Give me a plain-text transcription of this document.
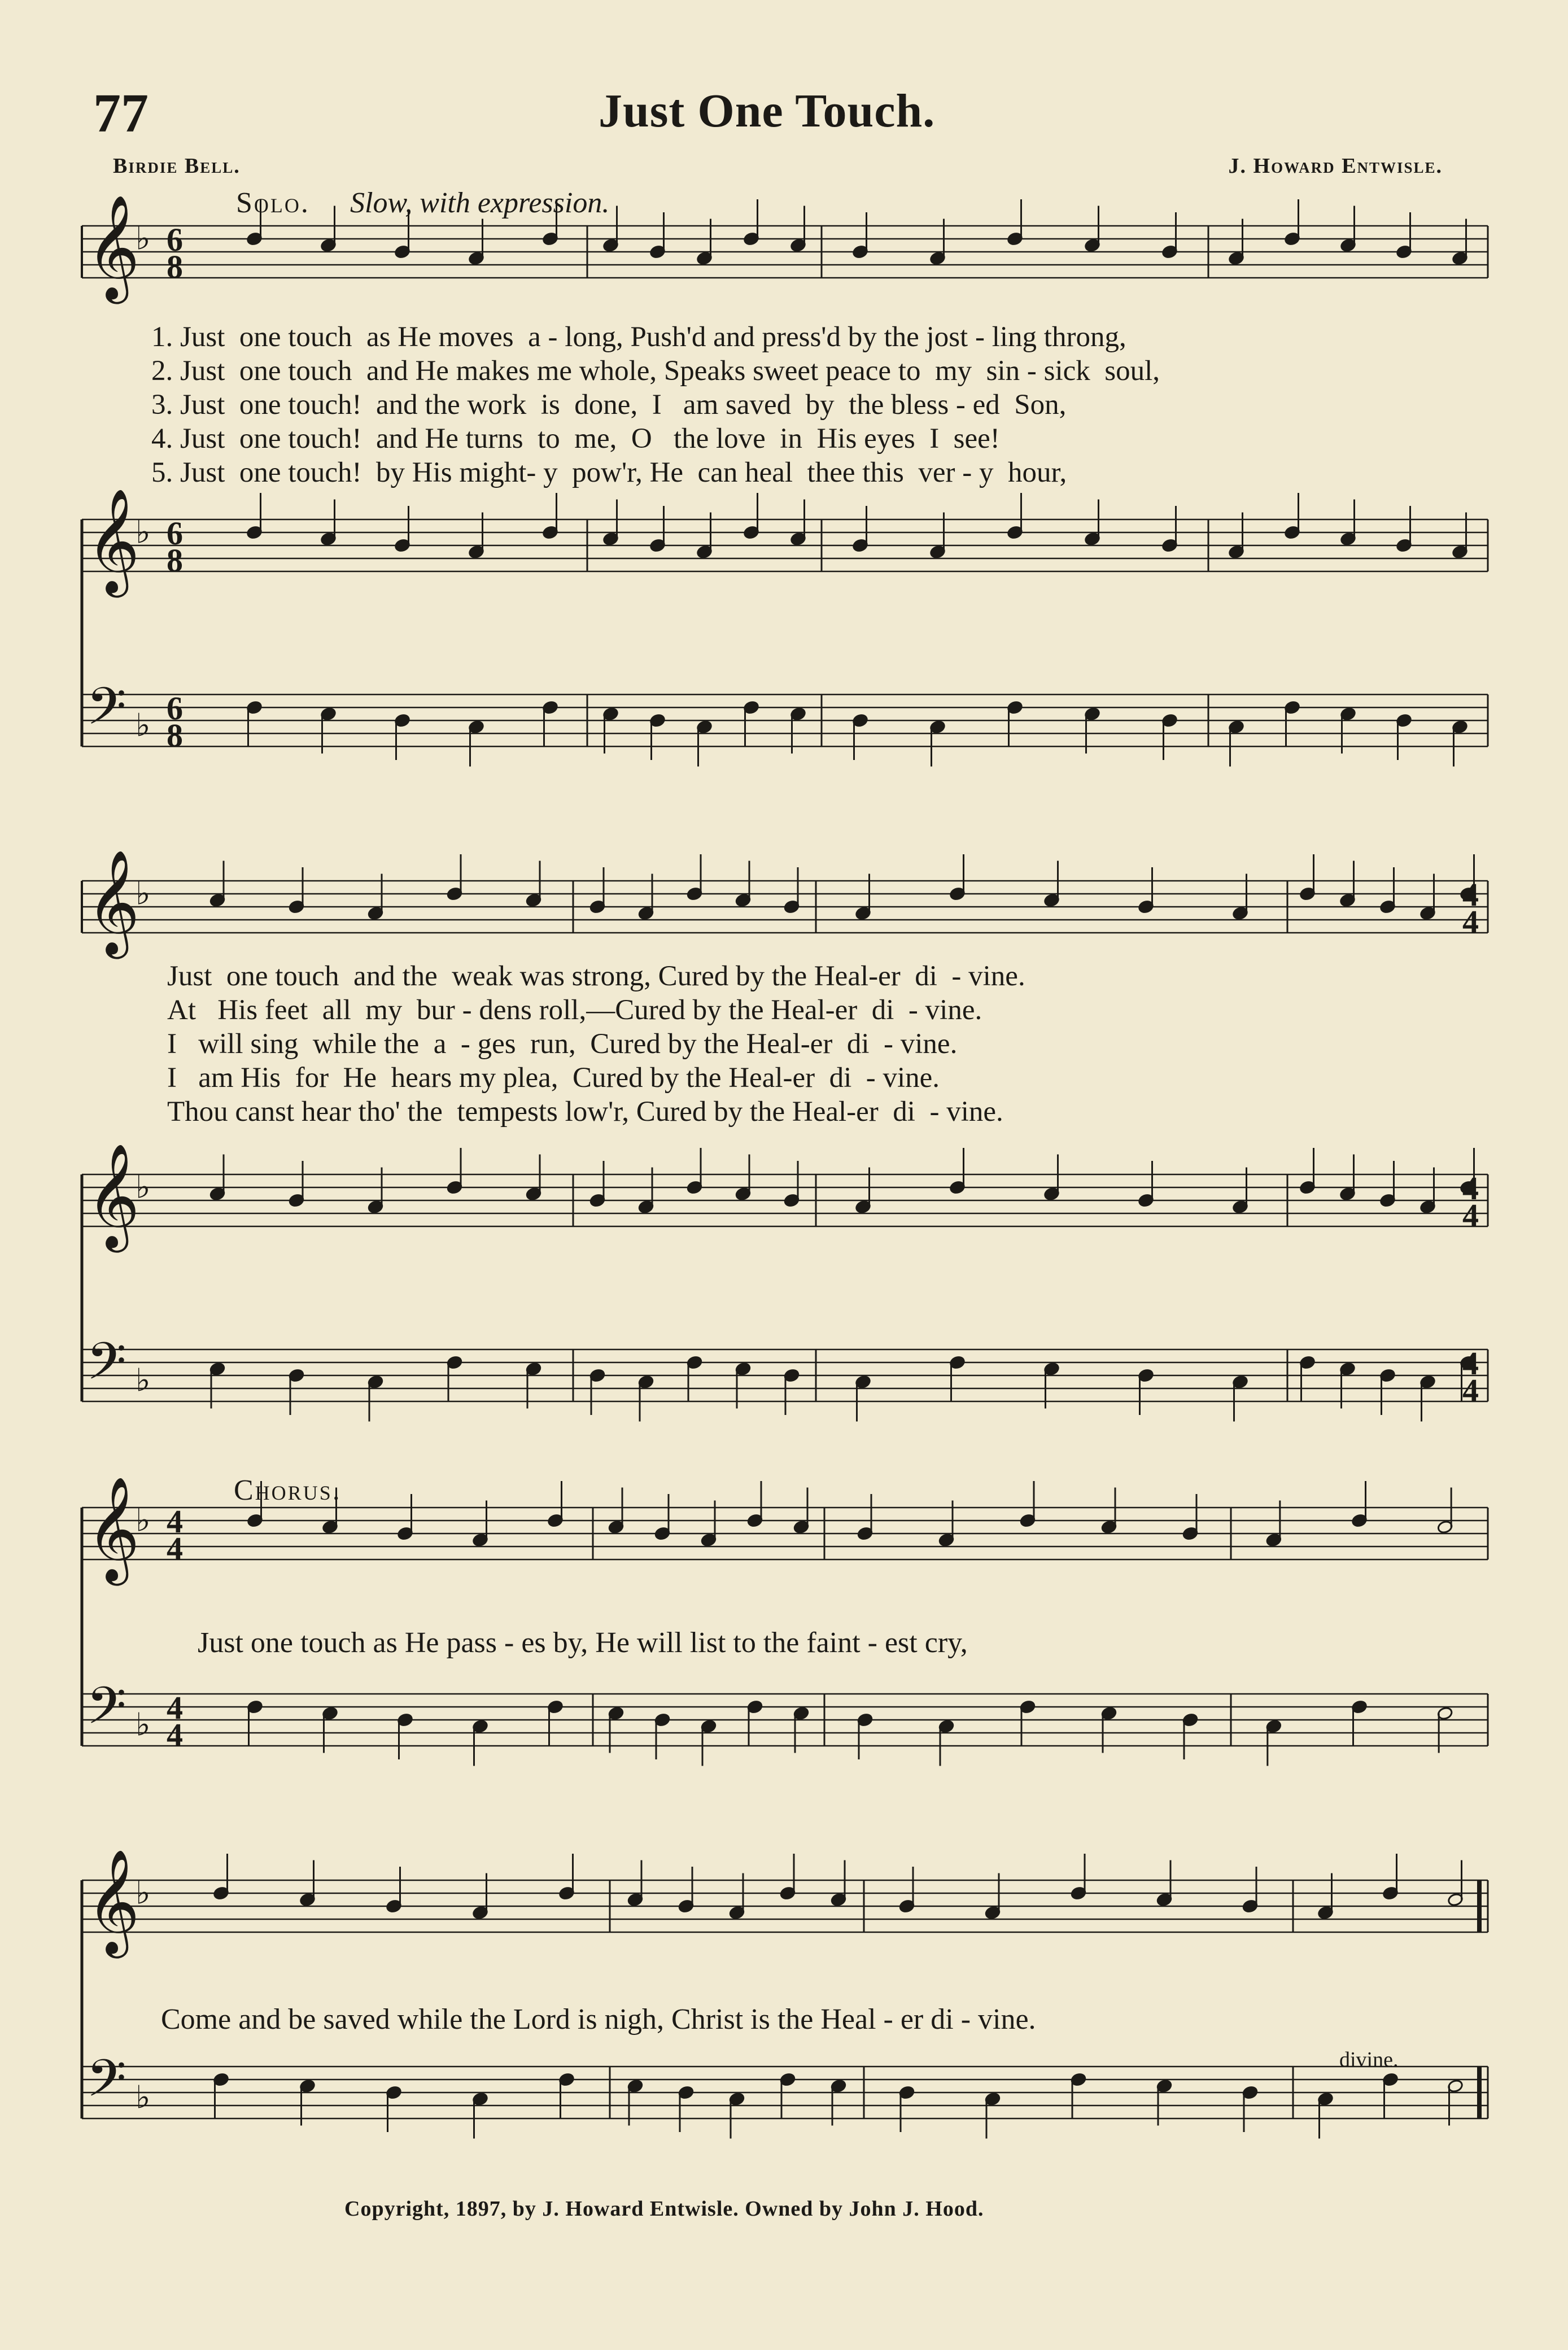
77	Just One Touch.
Birdie Bell.	J. Howard Entwisle.
Solo. Slow, with expression.
𝄞
♭ 6
8
𝄞
♭ 6
8
𝄢 ♭ 6
8
𝄞
♭
𝄞
♭
𝄢 ♭
4
4
4
4
4
4
𝄞
♭ 4
4
𝄢 ♭ 4
4
𝄞
♭
𝄢 ♭
1. Just  one touch  as He moves  a - long, Push'd and press'd by the jost - ling throng,
2. Just  one touch  and He makes me whole, Speaks sweet peace to  my  sin - sick  soul,
3. Just  one touch!  and the work  is  done,  I   am saved  by  the bless - ed  Son,
4. Just  one touch!  and He turns  to  me,  O   the love  in  His eyes  I  see!
5. Just  one touch!  by His might- y  pow'r, He  can heal  thee this  ver - y  hour,
Just  one touch  and the  weak was strong, Cured by the Heal-er  di  - vine.
At   His feet  all  my  bur - dens roll,—Cured by the Heal-er  di  - vine.
I   will sing  while the  a  - ges  run,  Cured by the Heal-er  di  - vine.
I   am His  for  He  hears my plea,  Cured by the Heal-er  di  - vine.
Thou canst hear tho' the  tempests low'r, Cured by the Heal-er  di  - vine.
Chorus.
Just one touch as He pass - es by, He will list to the faint - est cry,
Come and be saved while the Lord is nigh, Christ is the Heal - er di - vine.
divine.
Copyright, 1897, by J. Howard Entwisle. Owned by John J. Hood.
